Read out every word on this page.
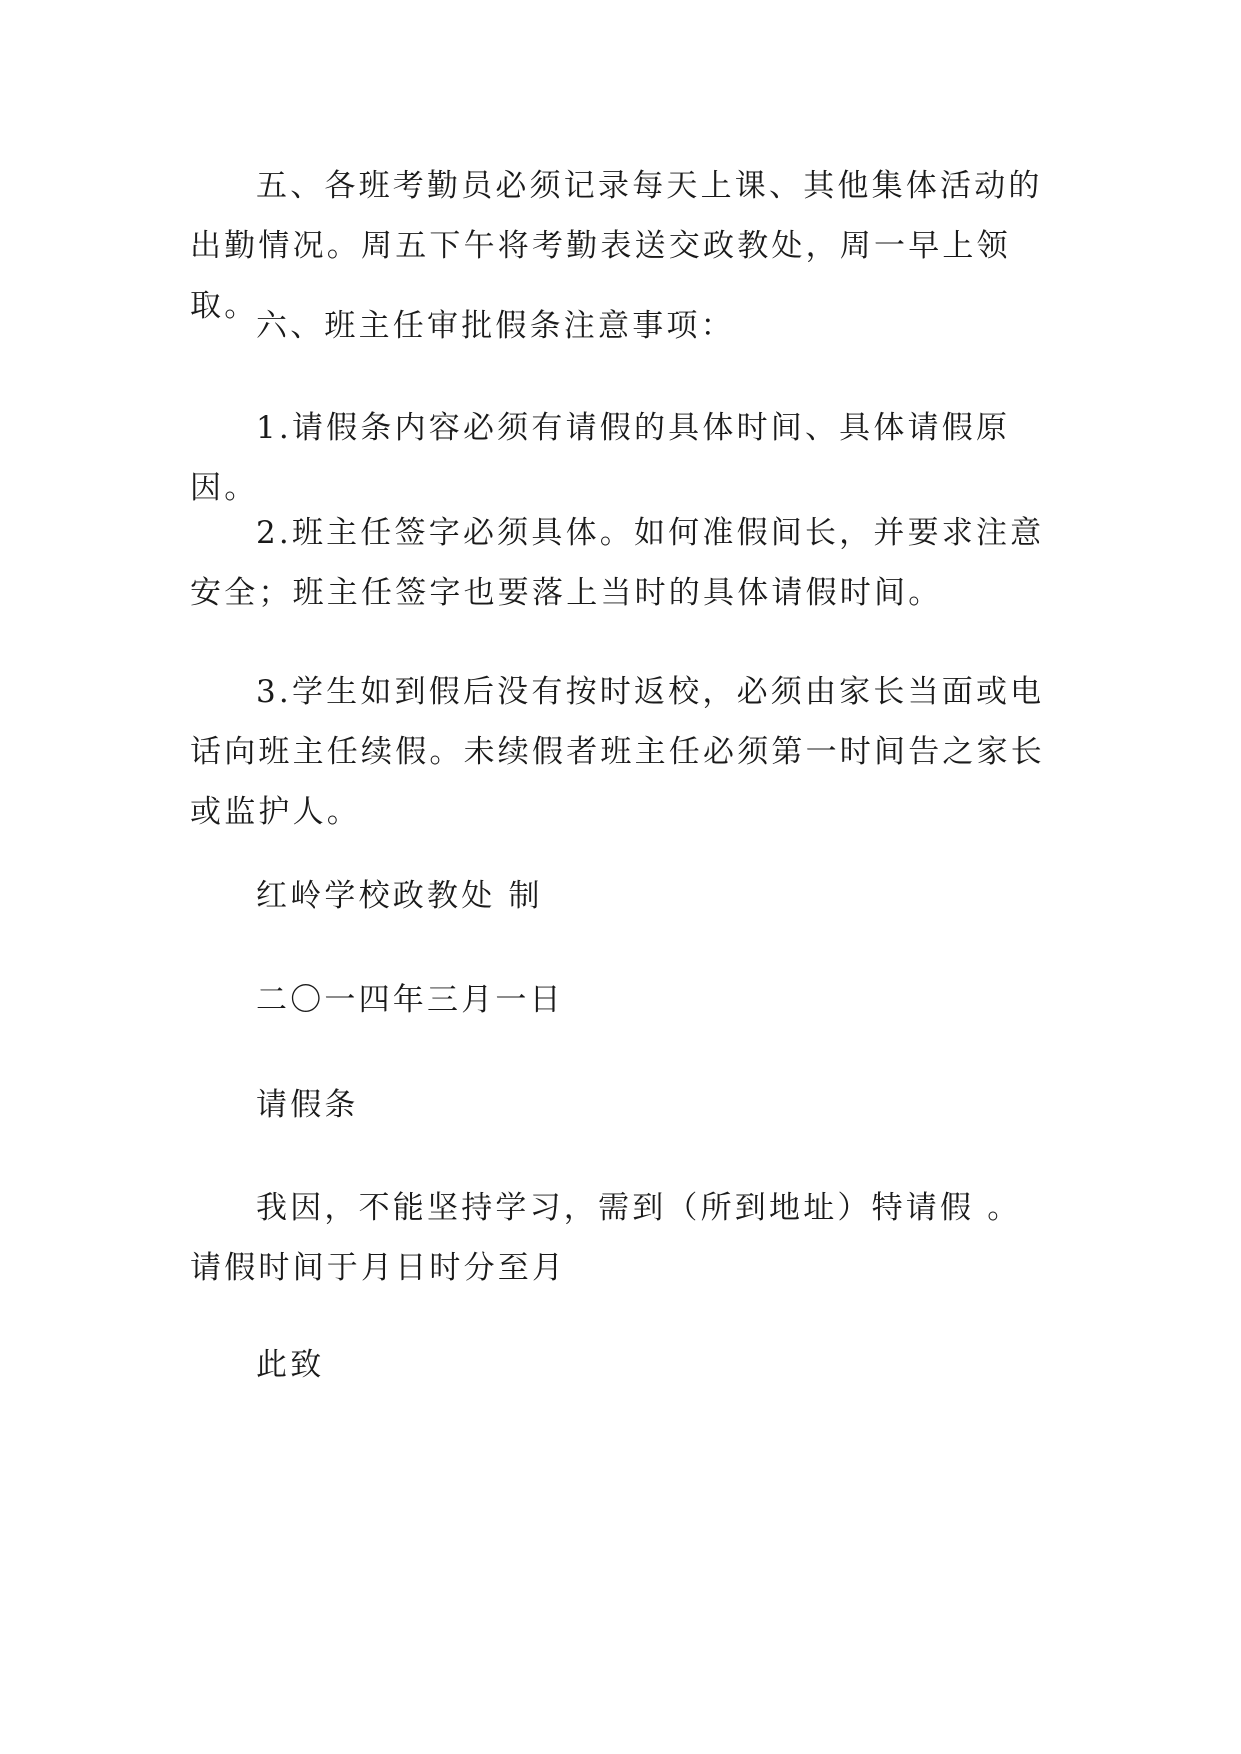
五、各班考勤员必须记录每天上课、其他集体活动的出勤情况。周五下午将考勤表送交政教处，周一早上领取。

六、班主任审批假条注意事项：

1.请假条内容必须有请假的具体时间、具体请假原因。

2.班主任签字必须具体。如何准假间长，并要求注意安全；班主任签字也要落上当时的具体请假时间。

3.学生如到假后没有按时返校，必须由家长当面或电话向班主任续假。未续假者班主任必须第一时间告之家长或监护人。

红岭学校政教处 制

二〇一四年三月一日

请假条

我因，不能坚持学习，需到（所到地址）特请假 。请假时间于月日时分至月

此致
